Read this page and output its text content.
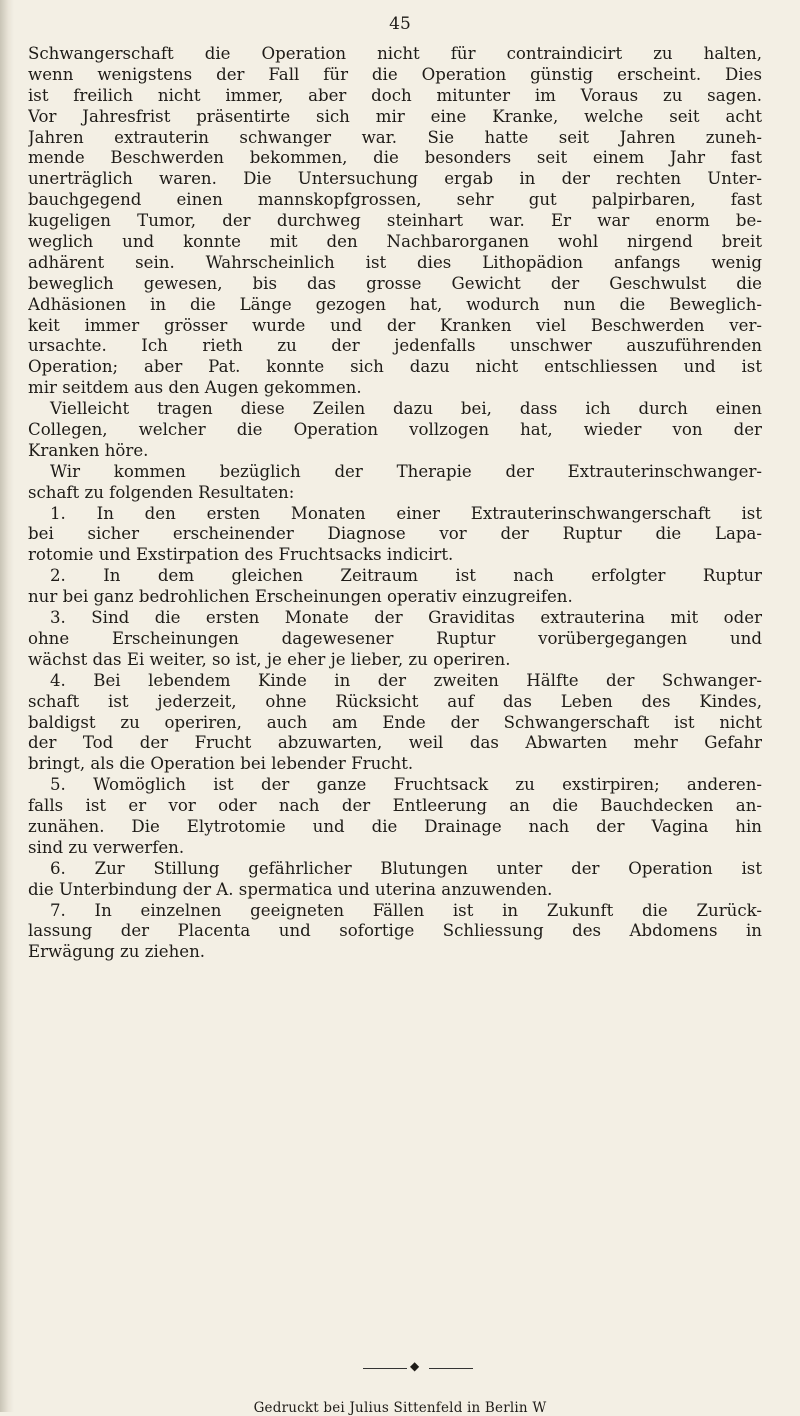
45
Schwangerschaft die Operation nicht für contraindicirt zu halten,
wenn wenigstens der Fall für die Operation günstig erscheint. Dies
ist freilich nicht immer, aber doch mitunter im Voraus zu sagen.
Vor Jahresfrist präsentirte sich mir eine Kranke, welche seit acht
Jahren extrauterin schwanger war. Sie hatte seit Jahren zuneh-
mende Beschwerden bekommen, die besonders seit einem Jahr fast
unerträglich waren. Die Untersuchung ergab in der rechten Unter-
bauchgegend einen mannskopfgrossen, sehr gut palpirbaren, fast
kugeligen Tumor, der durchweg steinhart war. Er war enorm be-
weglich und konnte mit den Nachbarorganen wohl nirgend breit
adhärent sein. Wahrscheinlich ist dies Lithopädion anfangs wenig
beweglich gewesen, bis das grosse Gewicht der Geschwulst die
Adhäsionen in die Länge gezogen hat, wodurch nun die Beweglich-
keit immer grösser wurde und der Kranken viel Beschwerden ver-
ursachte. Ich rieth zu der jedenfalls unschwer auszuführenden
Operation; aber Pat. konnte sich dazu nicht entschliessen und ist
mir seitdem aus den Augen gekommen.
Vielleicht tragen diese Zeilen dazu bei, dass ich durch einen
Collegen, welcher die Operation vollzogen hat, wieder von der
Kranken höre.
Wir kommen bezüglich der Therapie der Extrauterinschwanger-
schaft zu folgenden Resultaten:
1. In den ersten Monaten einer Extrauterinschwangerschaft ist
bei sicher erscheinender Diagnose vor der Ruptur die Lapa-
rotomie und Exstirpation des Fruchtsacks indicirt.
2. In dem gleichen Zeitraum ist nach erfolgter Ruptur
nur bei ganz bedrohlichen Erscheinungen operativ einzugreifen.
3. Sind die ersten Monate der Graviditas extrauterina mit oder
ohne Erscheinungen dagewesener Ruptur vorübergegangen und
wächst das Ei weiter, so ist, je eher je lieber, zu operiren.
4. Bei lebendem Kinde in der zweiten Hälfte der Schwanger-
schaft ist jederzeit, ohne Rücksicht auf das Leben des Kindes,
baldigst zu operiren, auch am Ende der Schwangerschaft ist nicht
der Tod der Frucht abzuwarten, weil das Abwarten mehr Gefahr
bringt, als die Operation bei lebender Frucht.
5. Womöglich ist der ganze Fruchtsack zu exstirpiren; anderen-
falls ist er vor oder nach der Entleerung an die Bauchdecken an-
zunähen. Die Elytrotomie und die Drainage nach der Vagina hin
sind zu verwerfen.
6. Zur Stillung gefährlicher Blutungen unter der Operation ist
die Unterbindung der A. spermatica und uterina anzuwenden.
7. In einzelnen geeigneten Fällen ist in Zukunft die Zurück-
lassung der Placenta und sofortige Schliessung des Abdomens in
Erwägung zu ziehen.
◆
Gedruckt bei Julius Sittenfeld in Berlin W
